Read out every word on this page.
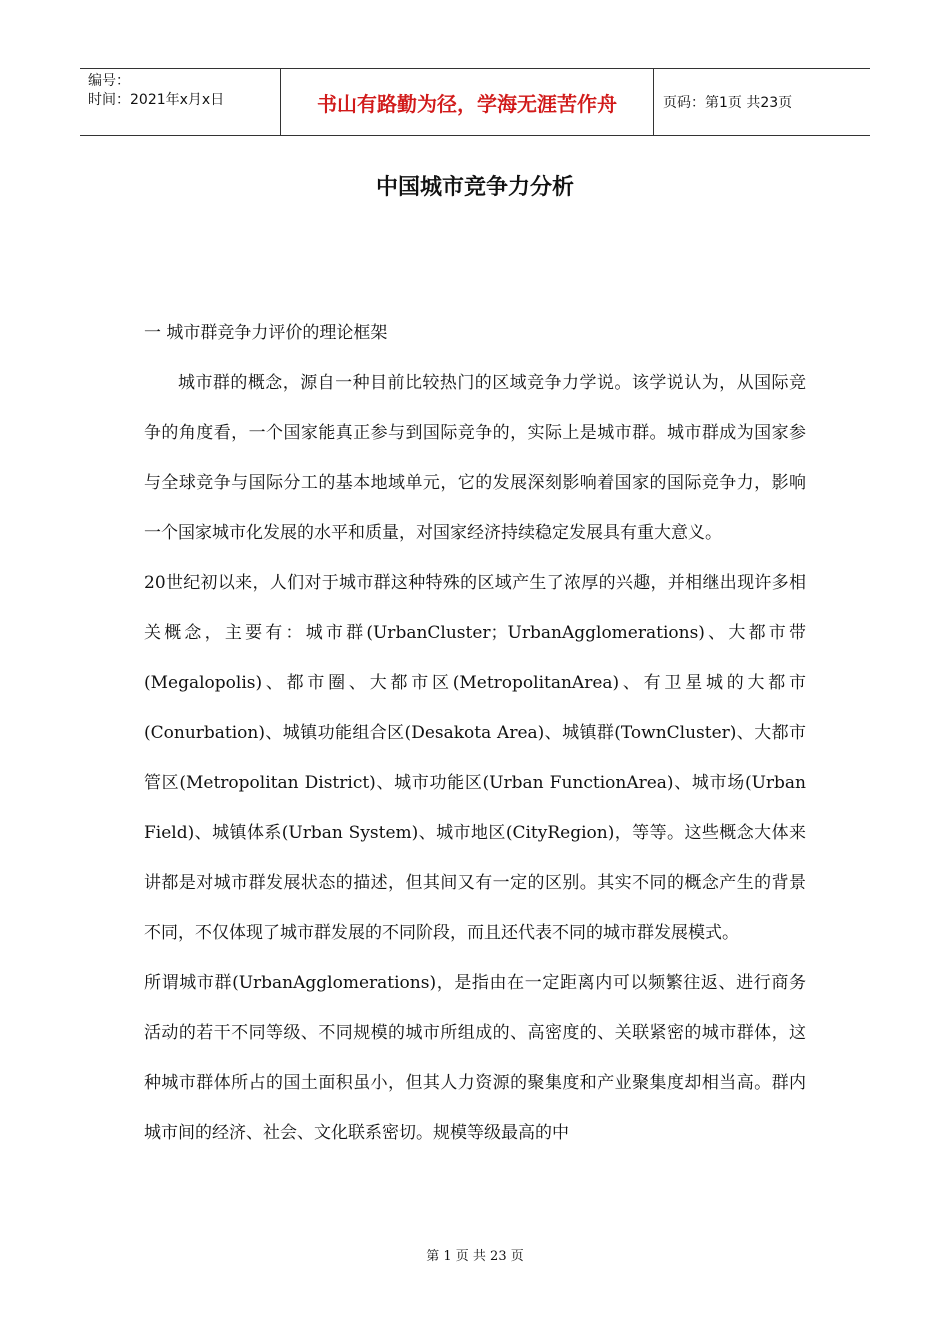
编号：
时间：2021年x月x日	书山有路勤为径，学海无涯苦作舟	页码：第1页 共23页
中国城市竞争力分析

一 城市群竞争力评价的理论框架

城市群的概念，源自一种目前比较热门的区域竞争力学说。该学说认为，从国际竞争的角度看，一个国家能真正参与到国际竞争的，实际上是城市群。城市群成为国家参与全球竞争与国际分工的基本地域单元，它的发展深刻影响着国家的国际竞争力，影响一个国家城市化发展的水平和质量，对国家经济持续稳定发展具有重大意义。

20世纪初以来，人们对于城市群这种特殊的区域产生了浓厚的兴趣，并相继出现许多相关概念，主要有：城市群(UrbanCluster；UrbanAgglomerations)、大都市带(Megalopolis)、都市圈、大都市区(MetropolitanArea)、有卫星城的大都市(Conurbation)、城镇功能组合区(Desakota Area)、城镇群(TownCluster)、大都市管区(Metropolitan District)、城市功能区(Urban FunctionArea)、城市场(Urban Field)、城镇体系(Urban System)、城市地区(CityRegion)，等等。这些概念大体来讲都是对城市群发展状态的描述，但其间又有一定的区别。其实不同的概念产生的背景不同，不仅体现了城市群发展的不同阶段，而且还代表不同的城市群发展模式。

所谓城市群(UrbanAgglomerations)，是指由在一定距离内可以频繁往返、进行商务活动的若干不同等级、不同规模的城市所组成的、高密度的、关联紧密的城市群体，这种城市群体所占的国土面积虽小，但其人力资源的聚集度和产业聚集度却相当高。群内城市间的经济、社会、文化联系密切。规模等级最高的中

第 1 页 共 23 页
